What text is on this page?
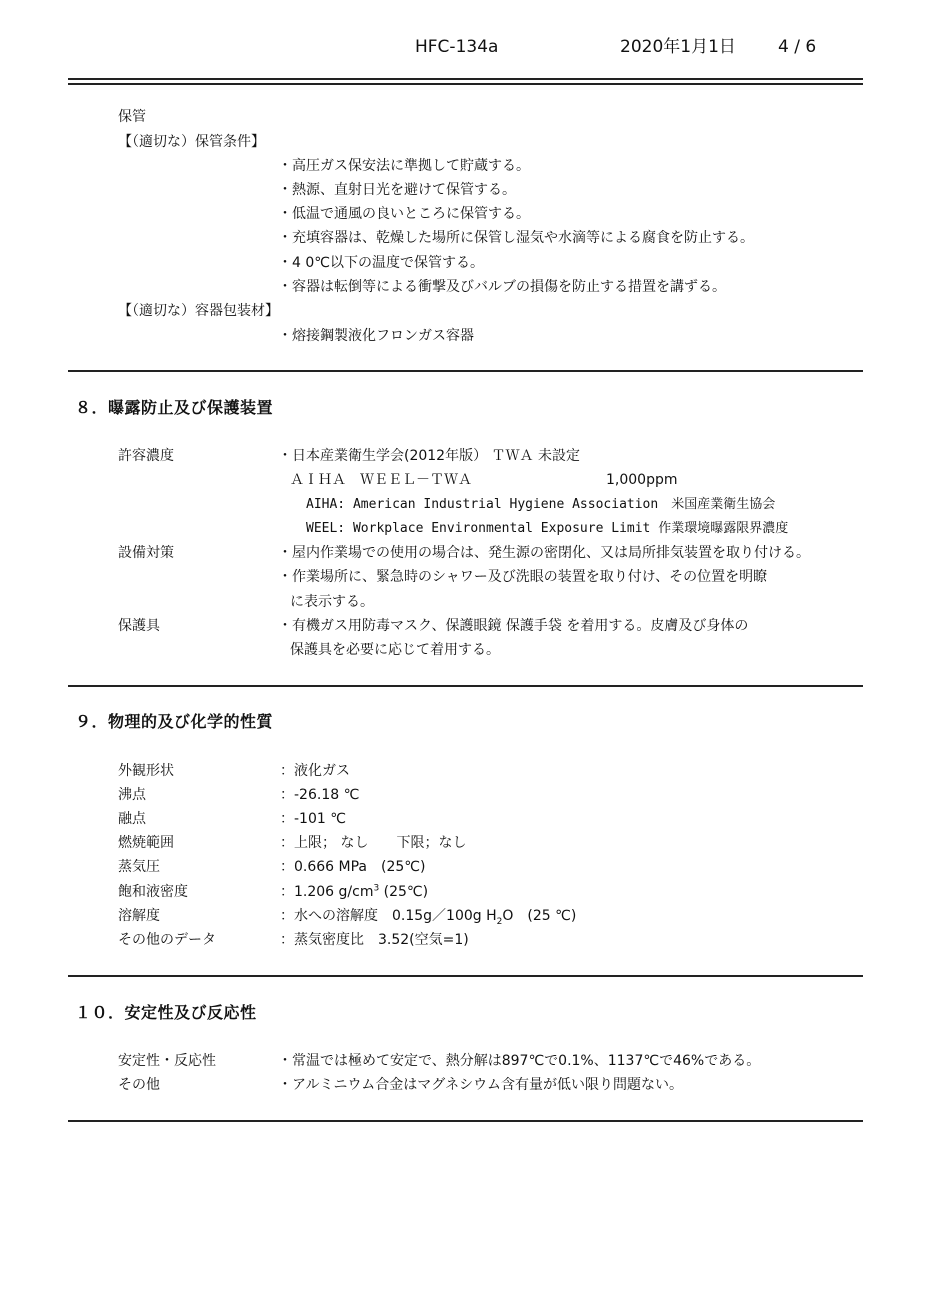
HFC-134a	2020年1月1日 4 / 6
保管
【（適切な）保管条件】
・高圧ガス保安法に準拠して貯蔵する。
・熱源、直射日光を避けて保管する。
・低温で通風の良いところに保管する。
・充填容器は、乾燥した場所に保管し湿気や水滴等による腐食を防止する。
・4 0℃以下の温度で保管する。
・容器は転倒等による衝撃及びバルブの損傷を防止する措置を講ずる。
【（適切な）容器包装材】
・熔接鋼製液化フロンガス容器
８．曝露防止及び保護装置
許容濃度	・日本産業衛生学会(2012年版） ＴＷＡ 未設定
ＡＩＨＡ　ＷＥＥＬ－ＴＷＡ	1,000ppm
AIHA: American Industrial Hygiene Association　米国産業衛生協会
WEEL: Workplace Environmental Exposure Limit 作業環境曝露限界濃度
設備対策	・屋内作業場での使用の場合は、発生源の密閉化、又は局所排気装置を取り付ける。
・作業場所に、緊急時のシャワー及び洗眼の装置を取り付け、その位置を明瞭
に表示する。
保護具	・有機ガス用防毒マスク、保護眼鏡 保護手袋 を着用する。皮膚及び身体の
保護具を必要に応じて着用する。
９．物理的及び化学的性質
外観形状	：液化ガス
沸点	：-26.18 ℃
融点	：-101 ℃
燃焼範囲	：上限； なし　　下限；なし
蒸気圧	：0.666 MPa　(25℃)
飽和液密度	：1.206 $g/cm^3$ (25℃)
溶解度	：水への溶解度　0.15g／100g $H_2O$　(25 ℃)
その他のデータ	：蒸気密度比　3.52(空気=1)
１０．安定性及び反応性
安定性・反応性	・常温では極めて安定で、熱分解は897℃で0.1%、1137℃で46%である。
その他	・アルミニウム合金はマグネシウム含有量が低い限り問題ない。
